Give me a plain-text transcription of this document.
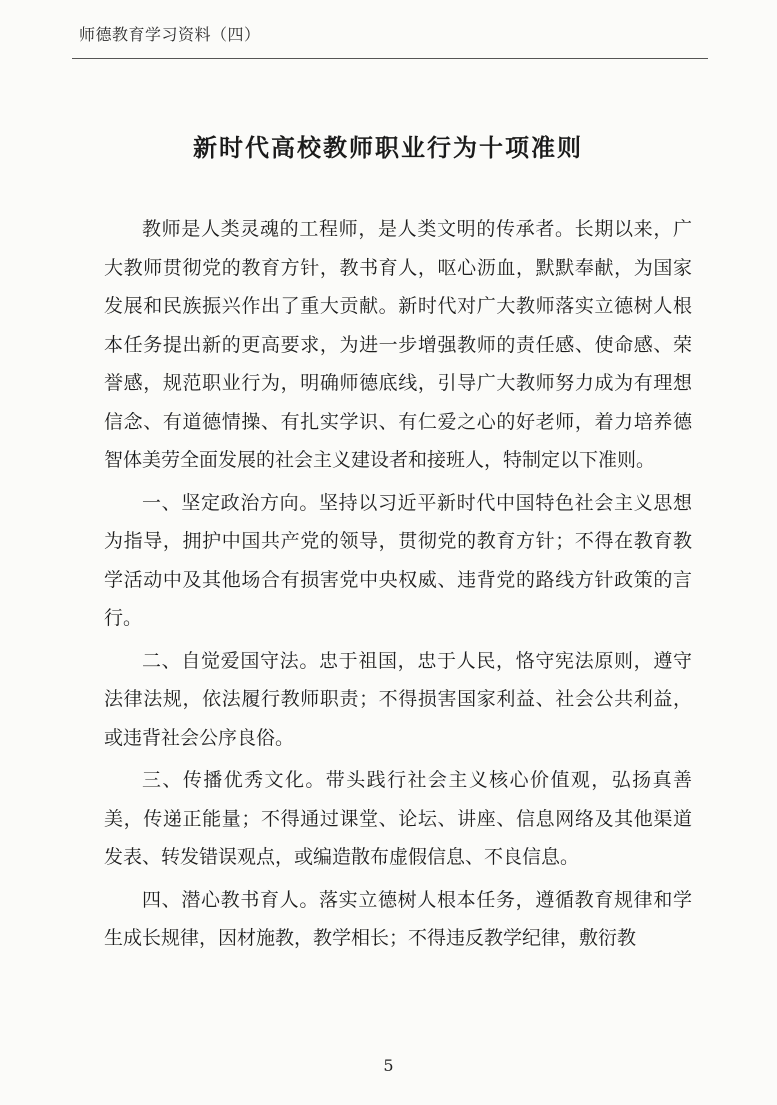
师德教育学习资料（四）
新时代高校教师职业行为十项准则

教师是人类灵魂的工程师，是人类文明的传承者。长期以来，广大教师贯彻党的教育方针，教书育人，呕心沥血，默默奉献，为国家发展和民族振兴作出了重大贡献。新时代对广大教师落实立德树人根本任务提出新的更高要求，为进一步增强教师的责任感、使命感、荣誉感，规范职业行为，明确师德底线，引导广大教师努力成为有理想信念、有道德情操、有扎实学识、有仁爱之心的好老师，着力培养德智体美劳全面发展的社会主义建设者和接班人，特制定以下准则。

一、坚定政治方向。坚持以习近平新时代中国特色社会主义思想为指导，拥护中国共产党的领导，贯彻党的教育方针；不得在教育教学活动中及其他场合有损害党中央权威、违背党的路线方针政策的言行。

二、自觉爱国守法。忠于祖国，忠于人民，恪守宪法原则，遵守法律法规，依法履行教师职责；不得损害国家利益、社会公共利益，或违背社会公序良俗。

三、传播优秀文化。带头践行社会主义核心价值观，弘扬真善美，传递正能量；不得通过课堂、论坛、讲座、信息网络及其他渠道发表、转发错误观点，或编造散布虚假信息、不良信息。

四、潜心教书育人。落实立德树人根本任务，遵循教育规律和学生成长规律，因材施教，教学相长；不得违反教学纪律，敷衍教

5
